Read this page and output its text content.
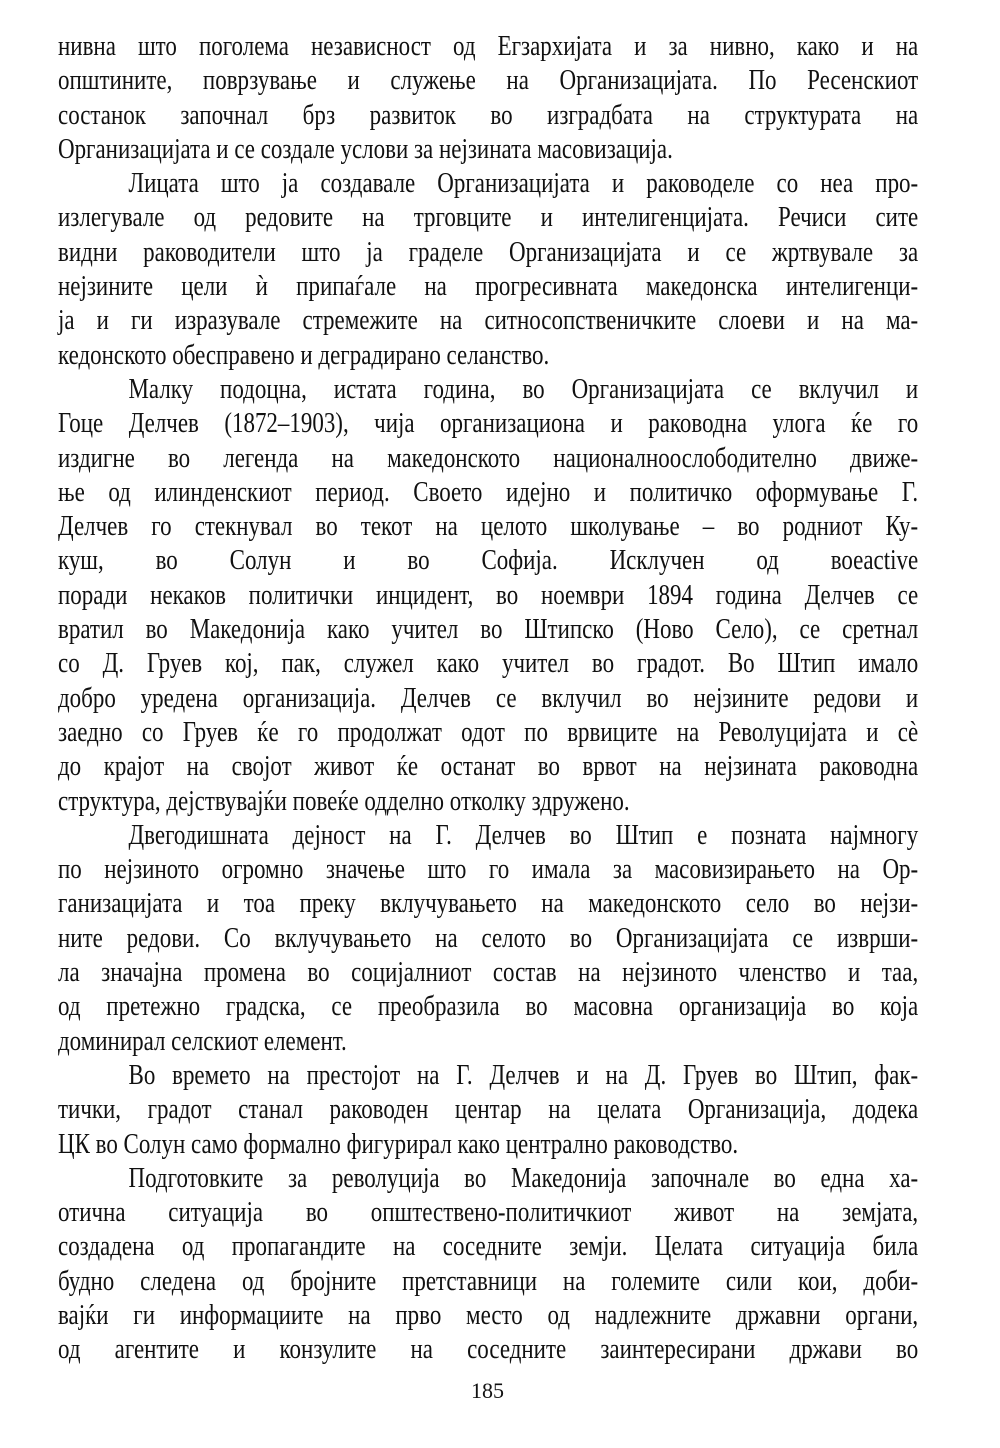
нивна што поголема независност од Егзархијата и за нивно, како и на
општините, поврзување и служење на Организацијата. По Ресенскиот
состанок започнал брз развиток во изградбата на структурата на
Организацијата и се создале услови за нејзината масовизација.
Лицата што ја создавале Организацијата и раководеле со неа про-
излегувале од редовите на трговците и интелигенцијата. Речиси сите
видни раководители што ја граделе Организацијата и се жртвувале за
нејзините цели ѝ припаѓале на прогресивната македонска интелигенци-
ја и ги изразувале стремежите на ситносопственичките слоеви и на ма-
кедонското обесправено и деградирано селанство.
Малку подоцна, истата година, во Организацијата се вклучил и
Гоце Делчев (1872–1903), чија организациона и раководна улога ќе го
издигне во легенда на македонското националноослободително движе-
ње од илинденскиот период. Своето идејно и политичко оформување Г.
Делчев го стекнувал во текот на целото школување – во родниот Ку-
куш, во Солун и во Софија. Исклучен од воеactive
поради некаков политички инцидент, во ноември 1894 година Делчев се
вратил во Македонија како учител во Штипско (Ново Село), се сретнал
со Д. Груев кој, пак, служел како учител во градот. Во Штип имало
добро уредена организација. Делчев се вклучил во нејзините редови и
заедно со Груев ќе го продолжат одот по врвиците на Револуцијата и сѐ
до крајот на својот живот ќе останат во врвот на нејзината раководна
структура, дејствувајќи повеќе одделно отколку здружено.
Двегодишната дејност на Г. Делчев во Штип е позната најмногу
по нејзиното огромно значење што го имала за масовизирањето на Ор-
ганизацијата и тоа преку вклучувањето на македонското село во нејзи-
ните редови. Со вклучувањето на селото во Организацијата се изврши-
ла значајна промена во социјалниот состав на нејзиното членство и таа,
од претежно градска, се преобразила во масовна организација во која
доминирал селскиот елемент.
Во времето на престојот на Г. Делчев и на Д. Груев во Штип, фак-
тички, градот станал раководен центар на целата Организација, додека
ЦК во Солун само формално фигурирал како централно раководство.
Подготовките за револуција во Македонија започнале во една ха-
отична ситуација во општествено-политичкиот живот на земјата,
создадена од пропагандите на соседните земји. Целата ситуација била
будно следена од бројните претставници на големите сили кои, доби-
вајќи ги информациите на прво место од надлежните државни органи,
од агентите и конзулите на соседните заинтересирани држави во
185
